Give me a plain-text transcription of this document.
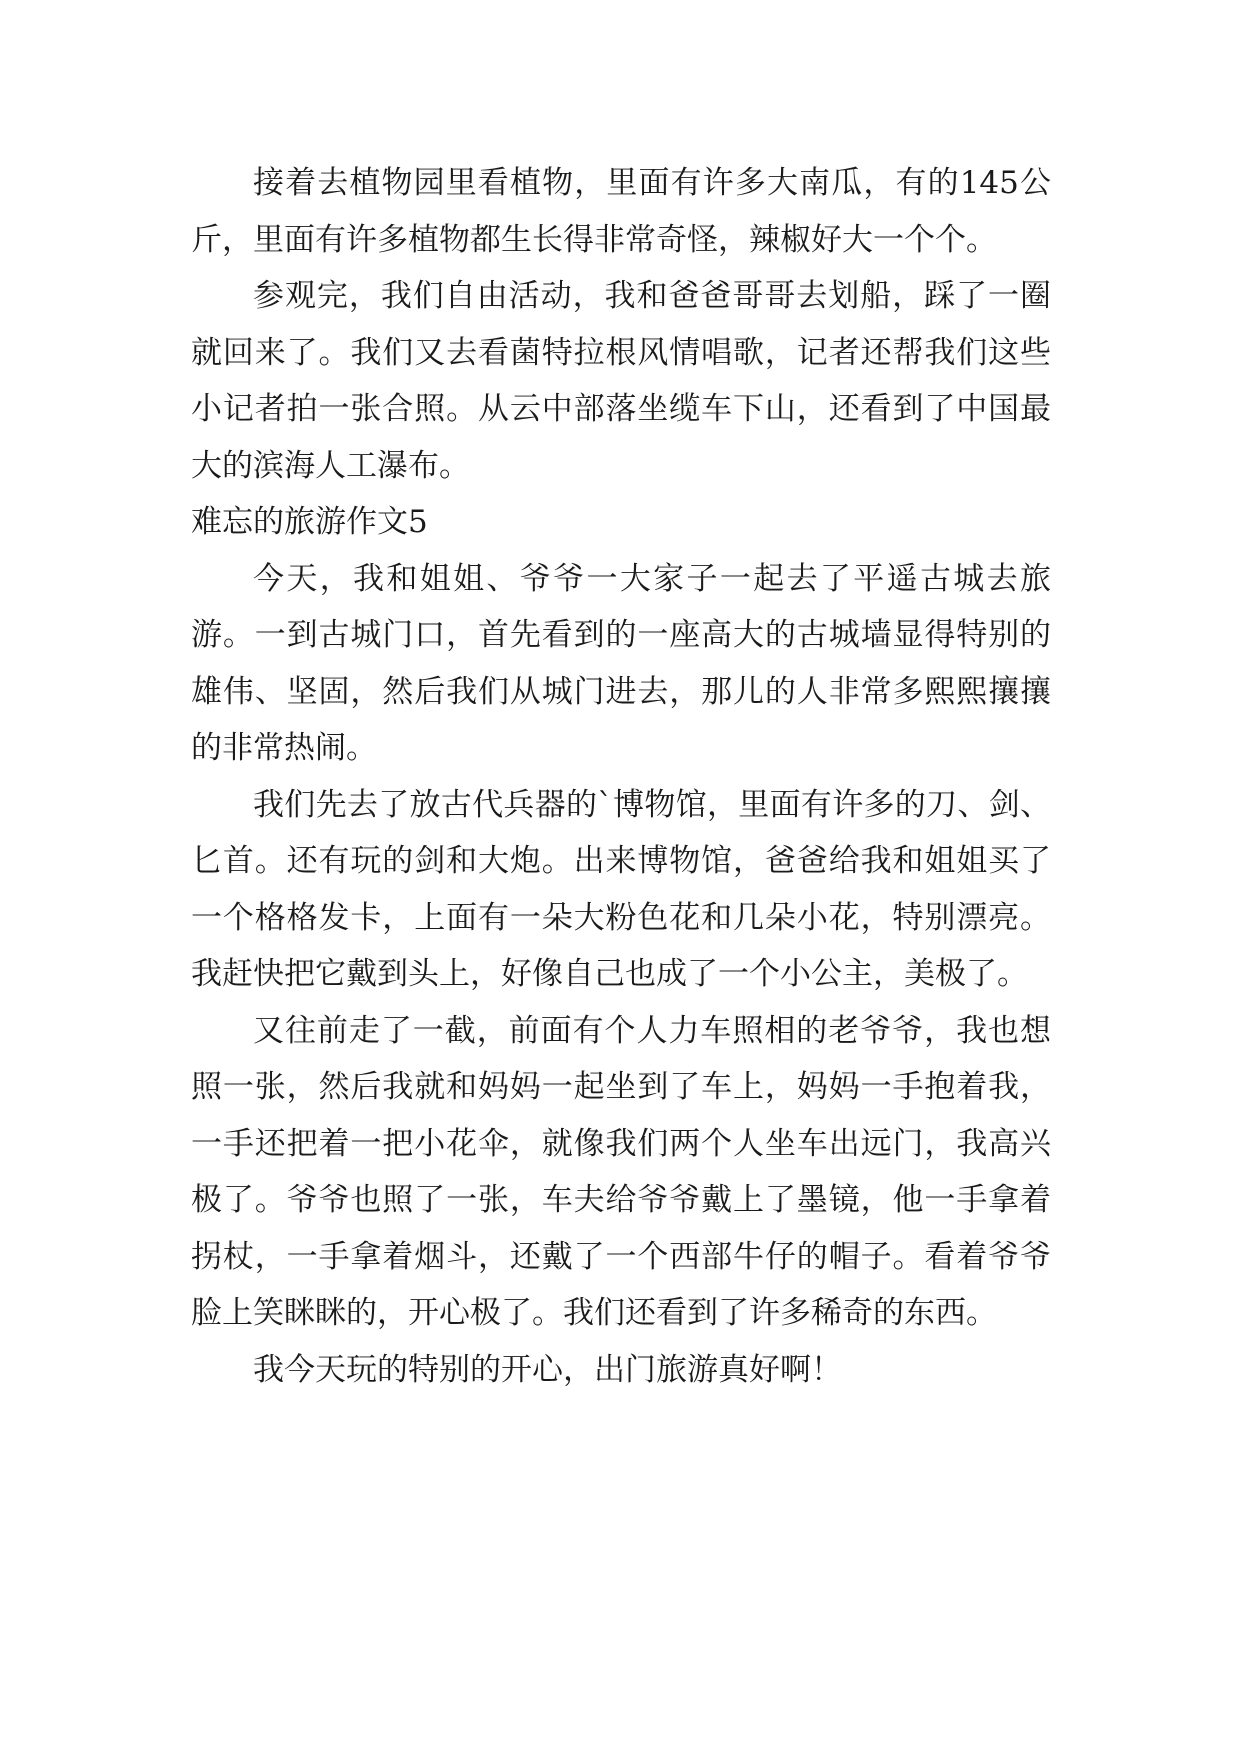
接着去植物园里看植物，里面有许多大南瓜，有的145公斤，里面有许多植物都生长得非常奇怪，辣椒好大一个个。

参观完，我们自由活动，我和爸爸哥哥去划船，踩了一圈就回来了。我们又去看菌特拉根风情唱歌，记者还帮我们这些小记者拍一张合照。从云中部落坐缆车下山，还看到了中国最大的滨海人工瀑布。

难忘的旅游作文5

今天，我和姐姐、爷爷一大家子一起去了平遥古城去旅游。一到古城门口，首先看到的一座高大的古城墙显得特别的雄伟、坚固，然后我们从城门进去，那儿的人非常多熙熙攘攘的非常热闹。

我们先去了放古代兵器的`博物馆，里面有许多的刀、剑、匕首。还有玩的剑和大炮。出来博物馆，爸爸给我和姐姐买了一个格格发卡，上面有一朵大粉色花和几朵小花，特别漂亮。我赶快把它戴到头上，好像自己也成了一个小公主，美极了。

又往前走了一截，前面有个人力车照相的老爷爷，我也想照一张，然后我就和妈妈一起坐到了车上，妈妈一手抱着我，一手还把着一把小花伞，就像我们两个人坐车出远门，我高兴极了。爷爷也照了一张，车夫给爷爷戴上了墨镜，他一手拿着拐杖，一手拿着烟斗，还戴了一个西部牛仔的帽子。看着爷爷脸上笑眯眯的，开心极了。我们还看到了许多稀奇的东西。

我今天玩的特别的开心，出门旅游真好啊！
